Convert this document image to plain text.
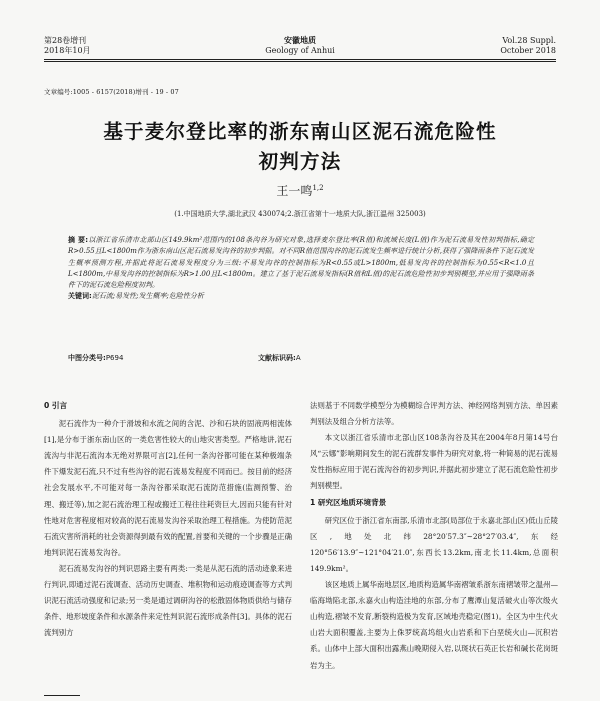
第28卷增刊
2018年10月
安徽地质
Geology of Anhui
Vol.28 Suppl.
October 2018
文章编号:1005 - 6157(2018)增刊 - 19 - 07
基于麦尔登比率的浙东南山区泥石流危险性
初判方法
王一鸣$^{1,2}$
(1.中国地质大学,湖北武汉 430074;2.浙江省第十一地质大队,浙江温州 325003)
摘 要:以浙江省乐清市北部山区149.9km²范围内的108条沟谷为研究对象,选择麦尔登比率(R值)和流域长度(L值)作为泥石流易发性初判指标,确定R>0.55且L<1800m作为浙东南山区泥石流易发沟谷的初步判据。对不同R值范围沟谷的泥石流发生频率进行统计分析,获得了强降雨条件下泥石流发生概率预测方程,并据此将泥石流易发程度分为三级:不易发沟谷的控制指标为R<0.55或L>1800m,低易发沟谷的控制指标为0.55<R<1.0且L<1800m,中易发沟谷的控制指标为R>1.00且L<1800m。建立了基于泥石流易发指标(R值和L值)的泥石流危险性初步判别模型,并应用于强降雨条件下的泥石流危险程度初判。
关键词:泥石流;易发性;发生概率;危险性分析
中图分类号:P694	文献标识码:A

0 引言

泥石流作为一种介于滑坡和水流之间的含泥、沙和石块的固液两相流体[1],是分布于浙东南山区的一类危害性较大的山地灾害类型。严格地讲,泥石流沟与非泥石流沟本无绝对界限可言[2],任何一条沟谷都可能在某种极端条件下爆发泥石流,只不过有些沟谷的泥石流易发程度不同而已。按目前的经济社会发展水平,不可能对每一条沟谷都采取泥石流防范措施(监测预警、治理、搬迁等),加之泥石流治理工程或搬迁工程往往耗资巨大,因而只能有针对性地对危害程度相对较高的泥石流易发沟谷采取治理工程措施。为使防范泥石流灾害所消耗的社会资源得到最有效的配置,首要和关键的一个步骤是正确地判识泥石流易发沟谷。

泥石流易发沟谷的判识思路主要有两类:一类是从泥石流的活动迹象来进行判识,即通过泥石流调查、活动历史调查、堆积物和运动痕迹调查等方式判识泥石流活动强度和记录;另一类是通过调研沟谷的松散固体物质供给与储存条件、地形坡度条件和水源条件来定性判识泥石流形成条件[3]。具体的泥石流判别方

法则基于不同数学模型分为模糊综合评判方法、神经网络判别方法、单因素判别法及组合分析方法等。

本文以浙江省乐清市北部山区108条沟谷及其在2004年8月第14号台风“云娜”影响期间发生的泥石流群发事件为研究对象,将一种简易的泥石流易发性指标应用于泥石流沟谷的初步判识,并据此初步建立了泥石流危险性初步判别模型。

1 研究区地质环境背景

研究区位于浙江省东南部,乐清市北部(局部位于永嘉北部山区)低山丘陵区,地处北纬28°20′57.3″~28°27′03.4″,东经120°56′13.9″~121°04′21.0″,东西长13.2km,南北长11.4km,总面积149.9km²。

该区地质上属华南地层区,地质构造属华南褶皱系浙东南褶皱带之温州—临海坳陷北部,永嘉火山构造洼地的东部,分布了鹰潭山复活破火山等次级火山构造,褶皱不发育,断裂构造极为发育,区域地壳稳定(图1)。全区为中生代火山岩大面积覆盖,主要为上侏罗统高坞组火山岩系和下白垩统火山—沉积岩系。山体中上部大面积出露燕山晚期侵入岩,以斑状石英正长岩和碱长花岗斑岩为主。
